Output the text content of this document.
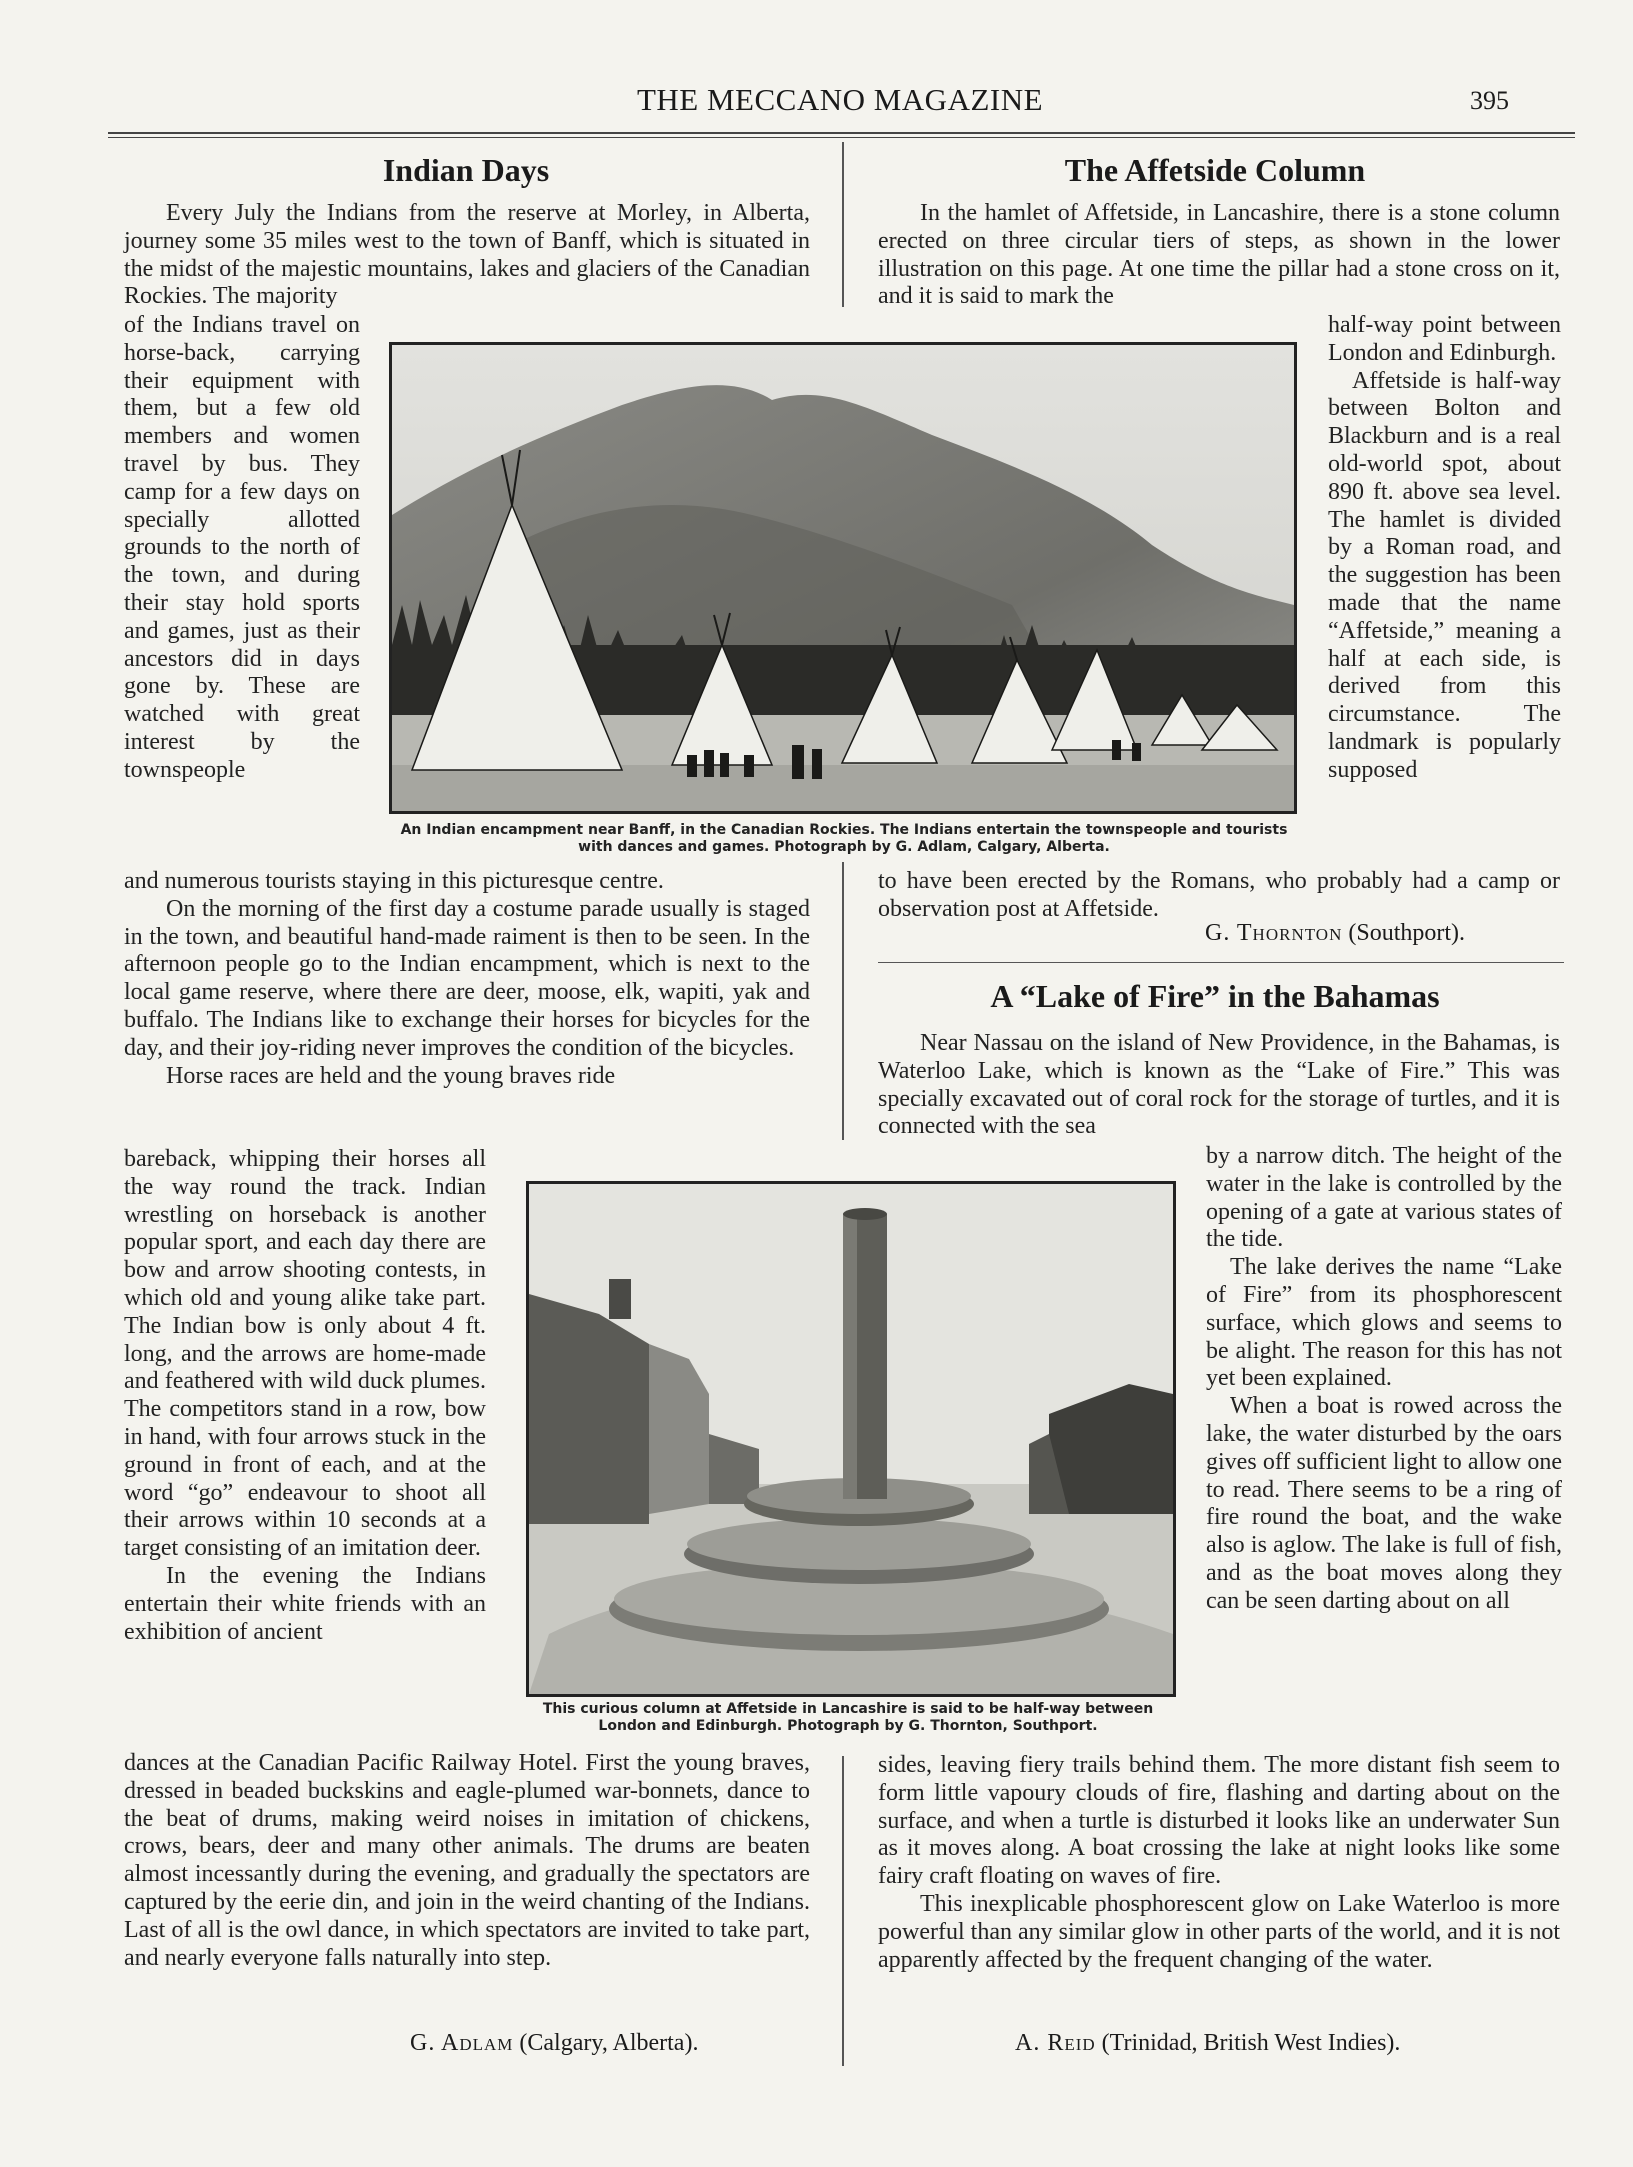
THE MECCANO MAGAZINE	395
Indian Days

Every July the Indians from the reserve at Morley, in Alberta, journey some 35 miles west to the town of Banff, which is situated in the midst of the majestic mountains, lakes and glaciers of the Canadian Rockies. The majority

of the Indians travel on horse-back, carrying their equipment with them, but a few old members and women travel by bus. They camp for a few days on specially allotted grounds to the north of the town, and during their stay hold sports and games, just as their ancestors did in days gone by. These are watched with great interest by the townspeople

and numerous tourists staying in this picturesque centre.

On the morning of the first day a costume parade usually is staged in the town, and beautiful hand-made raiment is then to be seen. In the afternoon people go to the Indian encampment, which is next to the local game reserve, where there are deer, moose, elk, wapiti, yak and buffalo. The Indians like to exchange their horses for bicycles for the day, and their joy-riding never improves the condition of the bicycles.

Horse races are held and the young braves ride

bareback, whipping their horses all the way round the track. Indian wrestling on horseback is another popular sport, and each day there are bow and arrow shooting contests, in which old and young alike take part. The Indian bow is only about 4 ft. long, and the arrows are home-made and feathered with wild duck plumes. The competitors stand in a row, bow in hand, with four arrows stuck in the ground in front of each, and at the word “go” endeavour to shoot all their arrows within 10 seconds at a target consisting of an imitation deer.

In the evening the Indians entertain their white friends with an exhibition of ancient

dances at the Canadian Pacific Railway Hotel. First the young braves, dressed in beaded buckskins and eagle-plumed war-bonnets, dance to the beat of drums, making weird noises in imitation of chickens, crows, bears, deer and many other animals. The drums are beaten almost incessantly during the evening, and gradually the spectators are captured by the eerie din, and join in the weird chanting of the Indians. Last of all is the owl dance, in which spectators are invited to take part, and nearly everyone falls naturally into step.

G. Adlam (Calgary, Alberta).
The Affetside Column

In the hamlet of Affetside, in Lancashire, there is a stone column erected on three circular tiers of steps, as shown in the lower illustration on this page. At one time the pillar had a stone cross on it, and it is said to mark the

half-way point between London and Edinburgh.

Affetside is half-way between Bolton and Blackburn and is a real old-world spot, about 890 ft. above sea level. The hamlet is divided by a Roman road, and the suggestion has been made that the name “Affetside,” meaning a half at each side, is derived from this circumstance. The landmark is popularly supposed

to have been erected by the Romans, who probably had a camp or observation post at Affetside.

G. Thornton (Southport).
A “Lake of Fire” in the Bahamas

Near Nassau on the island of New Providence, in the Bahamas, is Waterloo Lake, which is known as the “Lake of Fire.” This was specially excavated out of coral rock for the storage of turtles, and it is connected with the sea

by a narrow ditch. The height of the water in the lake is controlled by the opening of a gate at various states of the tide.

The lake derives the name “Lake of Fire” from its phosphorescent surface, which glows and seems to be alight. The reason for this has not yet been explained.

When a boat is rowed across the lake, the water disturbed by the oars gives off sufficient light to allow one to read. There seems to be a ring of fire round the boat, and the wake also is aglow. The lake is full of fish, and as the boat moves along they can be seen darting about on all

sides, leaving fiery trails behind them. The more distant fish seem to form little vapoury clouds of fire, flashing and darting about on the surface, and when a turtle is disturbed it looks like an underwater Sun as it moves along. A boat crossing the lake at night looks like some fairy craft floating on waves of fire.

This inexplicable phosphorescent glow on Lake Waterloo is more powerful than any similar glow in other parts of the world, and it is not apparently affected by the frequent changing of the water.

A. Reid (Trinidad, British West Indies).
An Indian encampment near Banff, in the Canadian Rockies. The Indians entertain the townspeople and tourists with dances and games. Photograph by G. Adlam, Calgary, Alberta.
This curious column at Affetside in Lancashire is said to be half-way between London and Edinburgh. Photograph by G. Thornton, Southport.
